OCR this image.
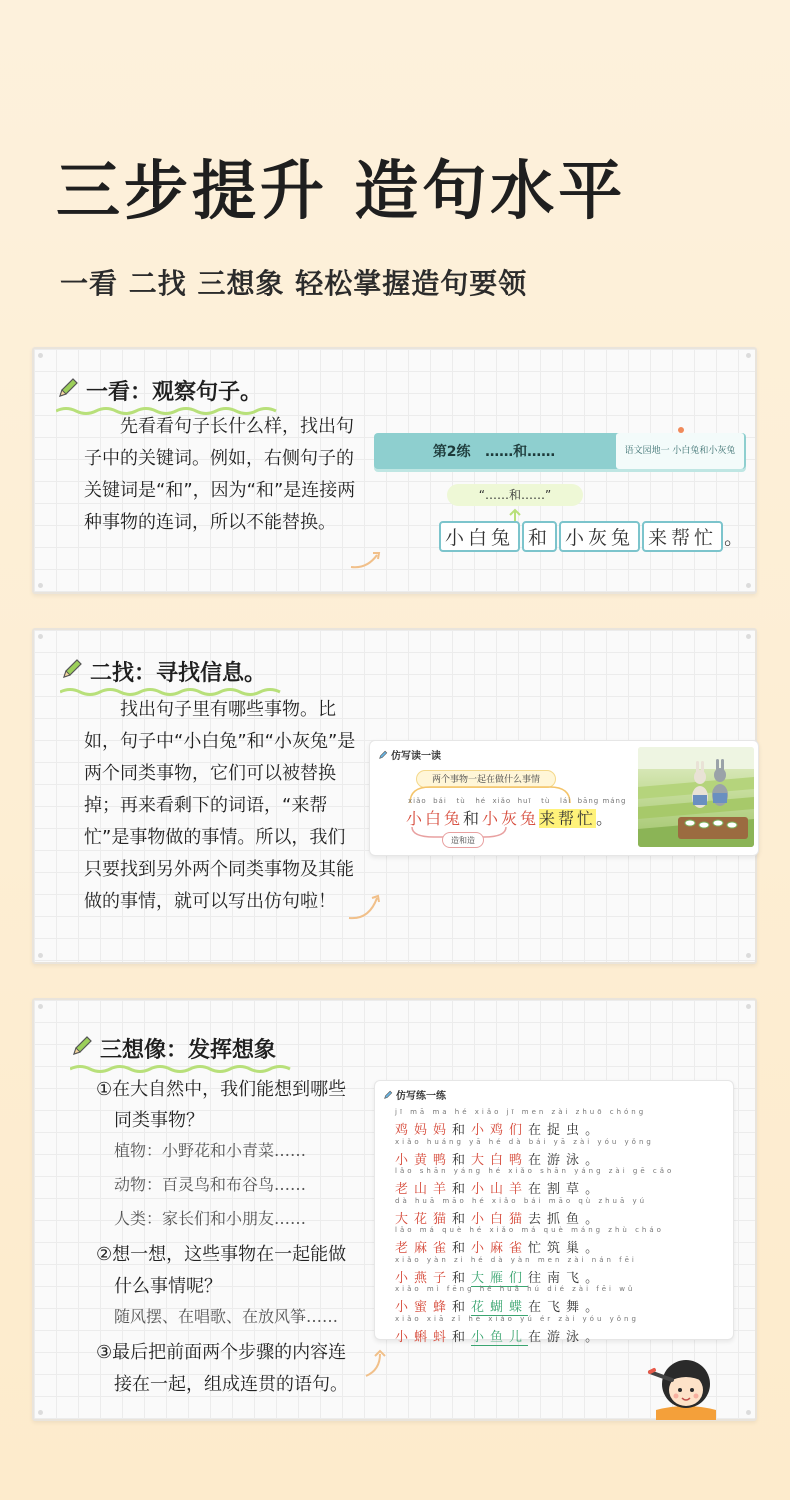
三步提升 造句水平
一看 二找 三想象 轻松掌握造句要领
一看：观察句子。
先看看句子长什么样，找出句子中的关键词。例如，右侧句子的关键词是“和”，因为“和”是连接两种事物的连词，所以不能替换。
第2练   ……和……	语文园地一 小白兔和小灰兔
“……和……”
小白兔 和 小灰兔 来帮忙 。
二找：寻找信息。
找出句子里有哪些事物。比如，句子中“小白兔”和“小灰兔”是两个同类事物，它们可以被替换掉；再来看剩下的词语，“来帮忙”是事物做的事情。所以，我们只要找到另外两个同类事物及其能做的事情，就可以写出仿句啦！
仿写读一读
两个事物一起在做什么事情
xiǎo  bái   tù   hé  xiǎo  huī   tù   lái  bāng máng
小白兔和小灰兔来帮忙。
造和造
三想像：发挥想象
①在大自然中，我们能想到哪些
同类事物？
植物：小野花和小青菜……
动物：百灵鸟和布谷鸟……
人类：家长们和小朋友……
②想一想，这些事物在一起能做
什么事情呢？
随风摆、在唱歌、在放风筝……
③最后把前面两个步骤的内容连
接在一起，组成连贯的语句。
仿写练一练
jī mā ma hé xiǎo jī men zài zhuō chóng
鸡妈妈和小鸡们在捉虫。
xiǎo huáng yā hé dà bái yā zài yóu yǒng
小黄鸭和大白鸭在游泳。
lǎo shān yáng hé xiǎo shān yáng zài gē cǎo
老山羊和小山羊在割草。
dà huā māo hé xiǎo bái māo qù zhuā yú
大花猫和小白猫去抓鱼。
lǎo má què hé xiǎo má què máng zhù cháo
老麻雀和小麻雀忙筑巢。
xiǎo yàn zi hé dà yàn men zài nán fēi
小燕子和大雁们往南飞。
xiǎo mì fēng hé huā hú dié zài fēi wǔ
小蜜蜂和花蝴蝶在飞舞。
xiǎo xiā zǐ hé xiǎo yú ér zài yóu yǒng
小蝌蚪和小鱼儿在游泳。
